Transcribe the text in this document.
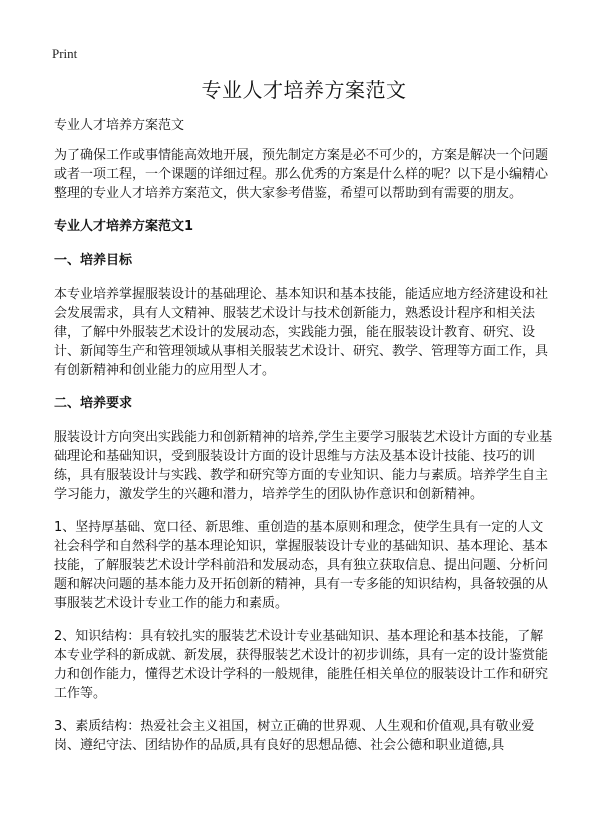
Print
专业人才培养方案范文
专业人才培养方案范文

为了确保工作或事情能高效地开展，预先制定方案是必不可少的，方案是解决一个问题或者一项工程，一个课题的详细过程。那么优秀的方案是什么样的呢？以下是小编精心整理的专业人才培养方案范文，供大家参考借鉴，希望可以帮助到有需要的朋友。

专业人才培养方案范文1
一、培养目标

本专业培养掌握服装设计的基础理论、基本知识和基本技能，能适应地方经济建设和社会发展需求，具有人文精神、服装艺术设计与技术创新能力，熟悉设计程序和相关法律，了解中外服装艺术设计的发展动态，实践能力强，能在服装设计教育、研究、设计、新闻等生产和管理领域从事相关服装艺术设计、研究、教学、管理等方面工作，具有创新精神和创业能力的应用型人才。

二、培养要求

服装设计方向突出实践能力和创新精神的培养,学生主要学习服装艺术设计方面的专业基础理论和基础知识，受到服装设计方面的设计思维与方法及基本设计技能、技巧的训练，具有服装设计与实践、教学和研究等方面的专业知识、能力与素质。培养学生自主学习能力，激发学生的兴趣和潜力，培养学生的团队协作意识和创新精神。

1、坚持厚基础、宽口径、新思维、重创造的基本原则和理念，使学生具有一定的人文社会科学和自然科学的基本理论知识，掌握服装设计专业的基础知识、基本理论、基本技能，了解服装艺术设计学科前沿和发展动态，具有独立获取信息、提出问题、分析问题和解决问题的基本能力及开拓创新的精神，具有一专多能的知识结构，具备较强的从事服装艺术设计专业工作的能力和素质。

2、知识结构：具有较扎实的服装艺术设计专业基础知识、基本理论和基本技能，了解本专业学科的新成就、新发展，获得服装艺术设计的初步训练，具有一定的设计鉴赏能力和创作能力，懂得艺术设计学科的一般规律，能胜任相关单位的服装设计工作和研究工作等。

3、素质结构：热爱社会主义祖国，树立正确的世界观、人生观和价值观,具有敬业爱岗、遵纪守法、团结协作的品质,具有良好的思想品德、社会公德和职业道德,具
